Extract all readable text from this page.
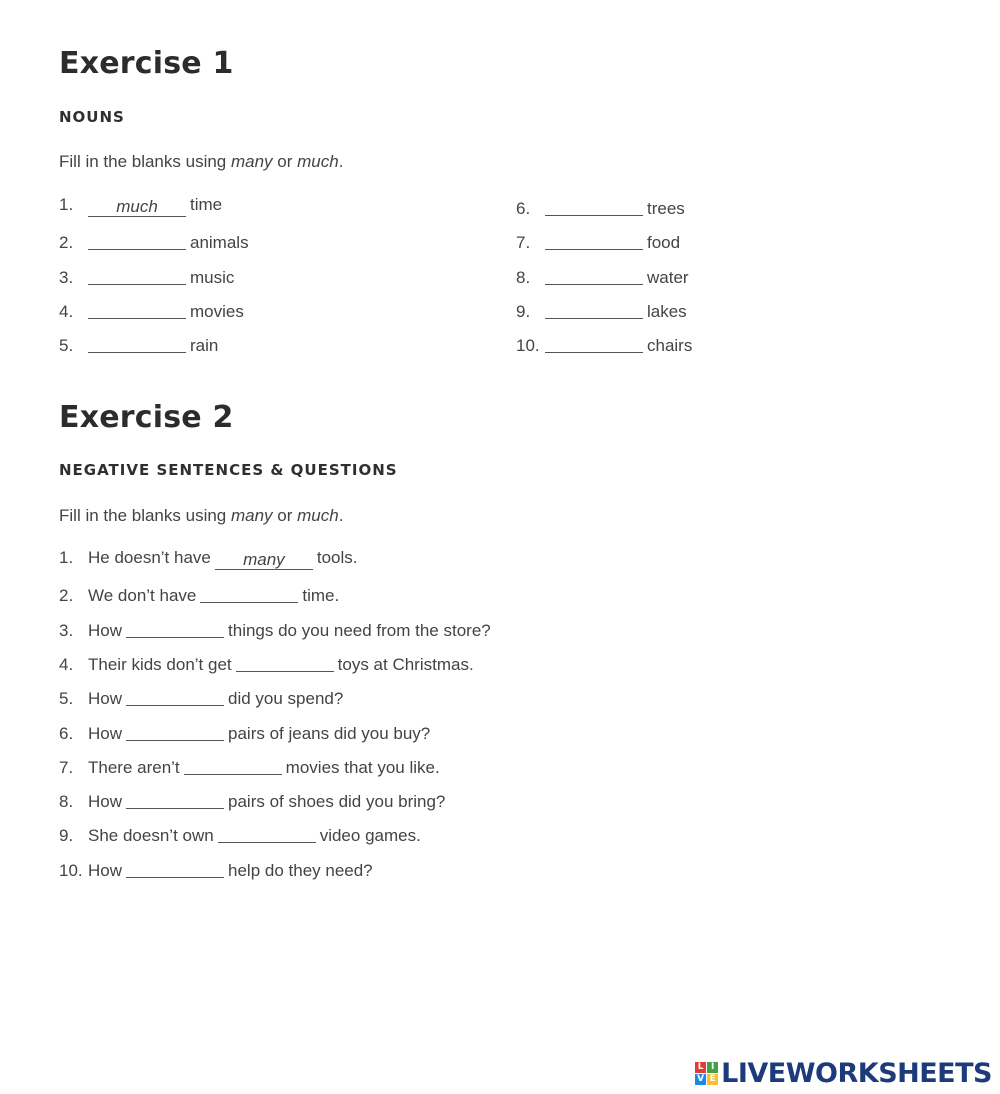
Exercise 1
NOUNS

Fill in the blanks using many or much.

1.	much	time
2.	animals
3.	music
4.	movies
5.	rain
6.	trees
7.	food
8.	water
9.	lakes
10.	chairs
Exercise 2
NEGATIVE SENTENCES & QUESTIONS

Fill in the blanks using many or much.

1. He doesn’t have	many	tools.
2. We don’t have	time.
3. How	things do you need from the store?
4. Their kids don’t get	toys at Christmas.
5. How	did you spend?
6. How	pairs of jeans did you buy?
7. There aren’t	movies that you like.
8. How	pairs of shoes did you bring?
9. She doesn’t own	video games.
10. How	help do they need?
L I
V E LIVEWORKSHEETS
